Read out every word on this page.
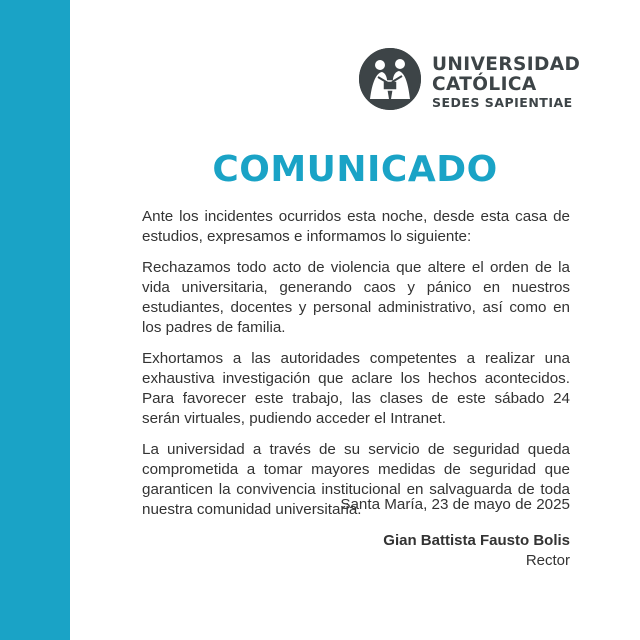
UNIVERSIDAD
CATÓLICA
SEDES SAPIENTIAE
COMUNICADO

Ante los incidentes ocurridos esta noche, desde esta casa de estudios, expresamos e informamos lo siguiente:

Rechazamos todo acto de violencia que altere el orden de la vida universitaria, generando caos y pánico en nuestros estudiantes, docentes y personal administrativo, así como en los padres de familia.

Exhortamos a las autoridades competentes a realizar una exhaustiva investigación que aclare los hechos acontecidos. Para favorecer este trabajo, las clases de este sábado 24 serán virtuales, pudiendo acceder el Intranet.

La universidad a través de su servicio de seguridad queda comprometida a tomar mayores medidas de seguridad que garanticen la convivencia institucional en salvaguarda de toda nuestra comunidad universitaria.

Santa María, 23 de mayo de 2025
Gian Battista Fausto Bolis
Rector
